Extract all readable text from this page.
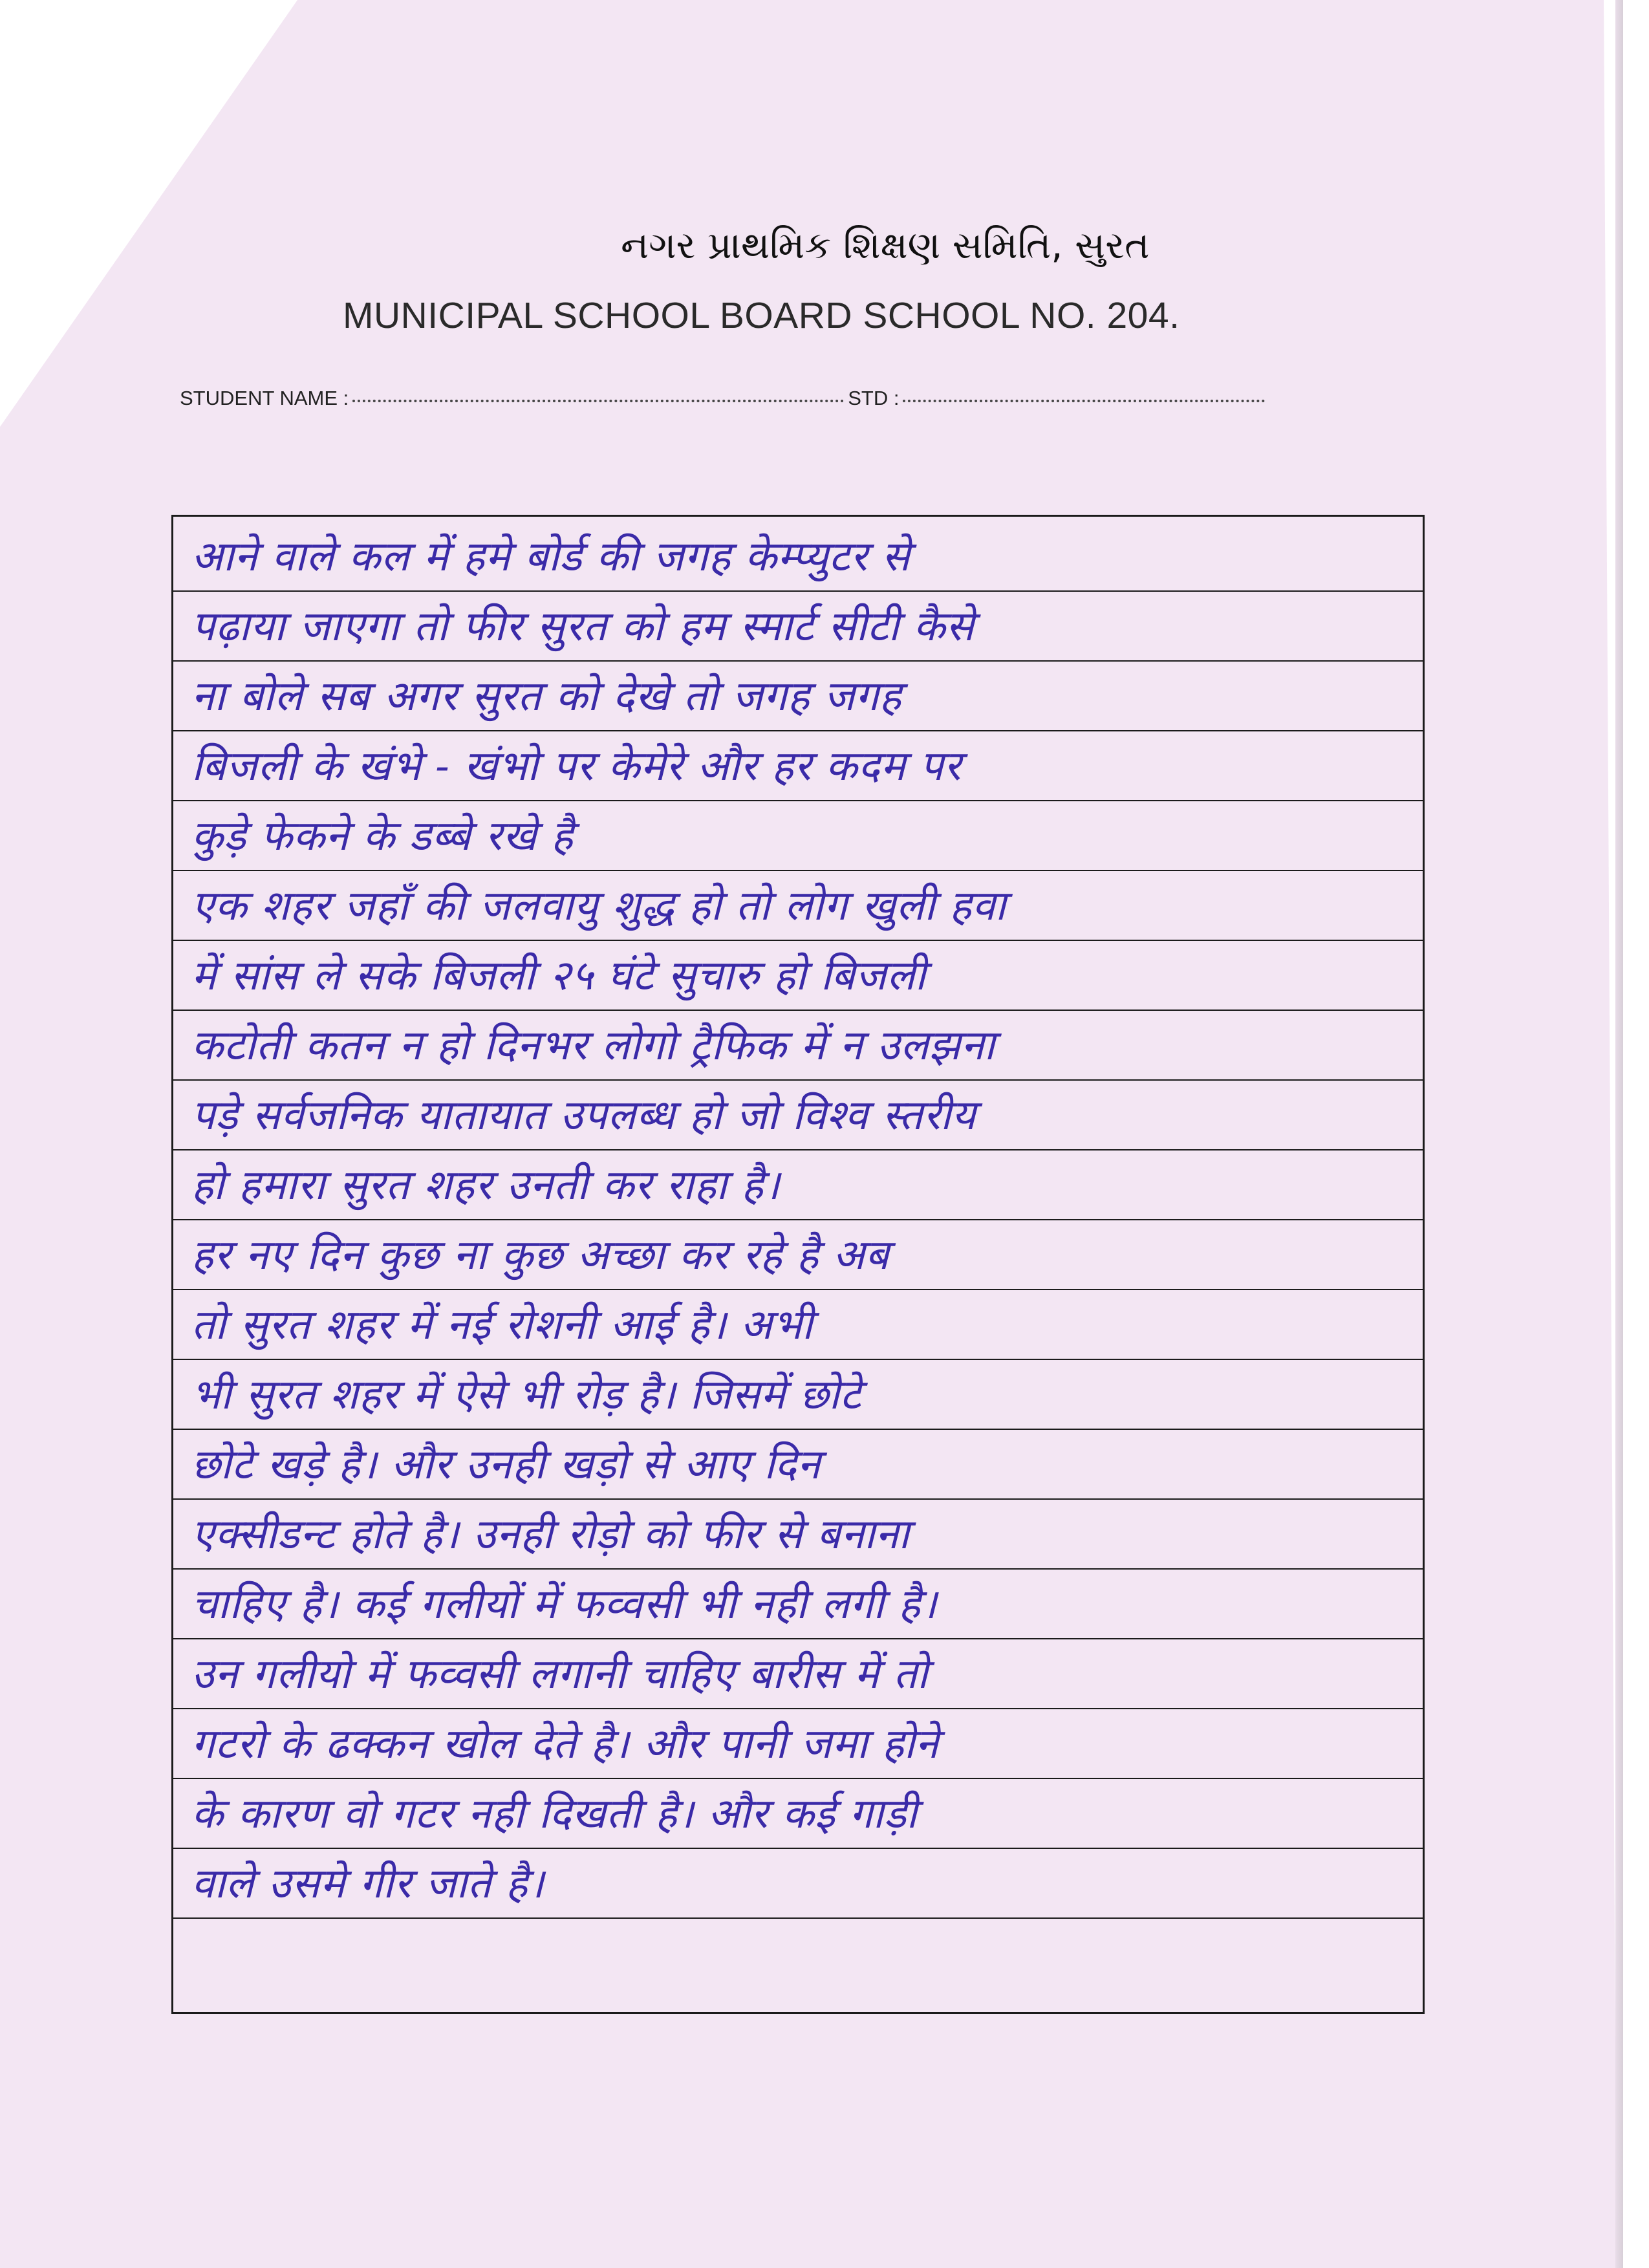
નગર પ્રાથમિક શિક્ષણ સમિતિ, સુરત
MUNICIPAL SCHOOL BOARD SCHOOL NO. 204.
STUDENT NAME :	STD :
आने वाले कल में हमे बोर्ड की जगह केम्प्युटर से
पढ़ाया जाएगा तो फीर सुरत को हम स्मार्ट सीटी कैसे
ना बोले सब अगर सुरत को देखे तो जगह जगह
बिजली के खंभे - खंभो पर केमेरे और हर कदम पर
कुड़े फेकने के डब्बे रखे है
एक शहर जहाँ की जलवायु शुद्ध हो तो लोग खुली हवा
में सांस ले सके बिजली २५ घंटे सुचारु हो बिजली
कटोती कतन न हो दिनभर लोगो ट्रैफिक में न उलझना
पड़े सर्वजनिक यातायात उपलब्ध हो जो विश्व स्तरीय
हो हमारा सुरत शहर उनती कर राहा है।
हर नए दिन कुछ ना कुछ अच्छा कर रहे है अब
तो सुरत शहर में नई रोशनी आई है। अभी
भी सुरत शहर में ऐसे भी रोड़ है। जिसमें छोटे
छोटे खड़े है। और उनही खड़ो से आए दिन
एक्सीडन्ट होते है। उनही रोड़ो को फीर से बनाना
चाहिए है। कई गलीयों में फव्वसी भी नही लगी है।
उन गलीयो में फव्वसी लगानी चाहिए बारीस में तो
गटरो के ढक्कन खोल देते है। और पानी जमा होने
के कारण वो गटर नही दिखती है। और कई गाड़ी
वाले उसमे गीर जाते है।
